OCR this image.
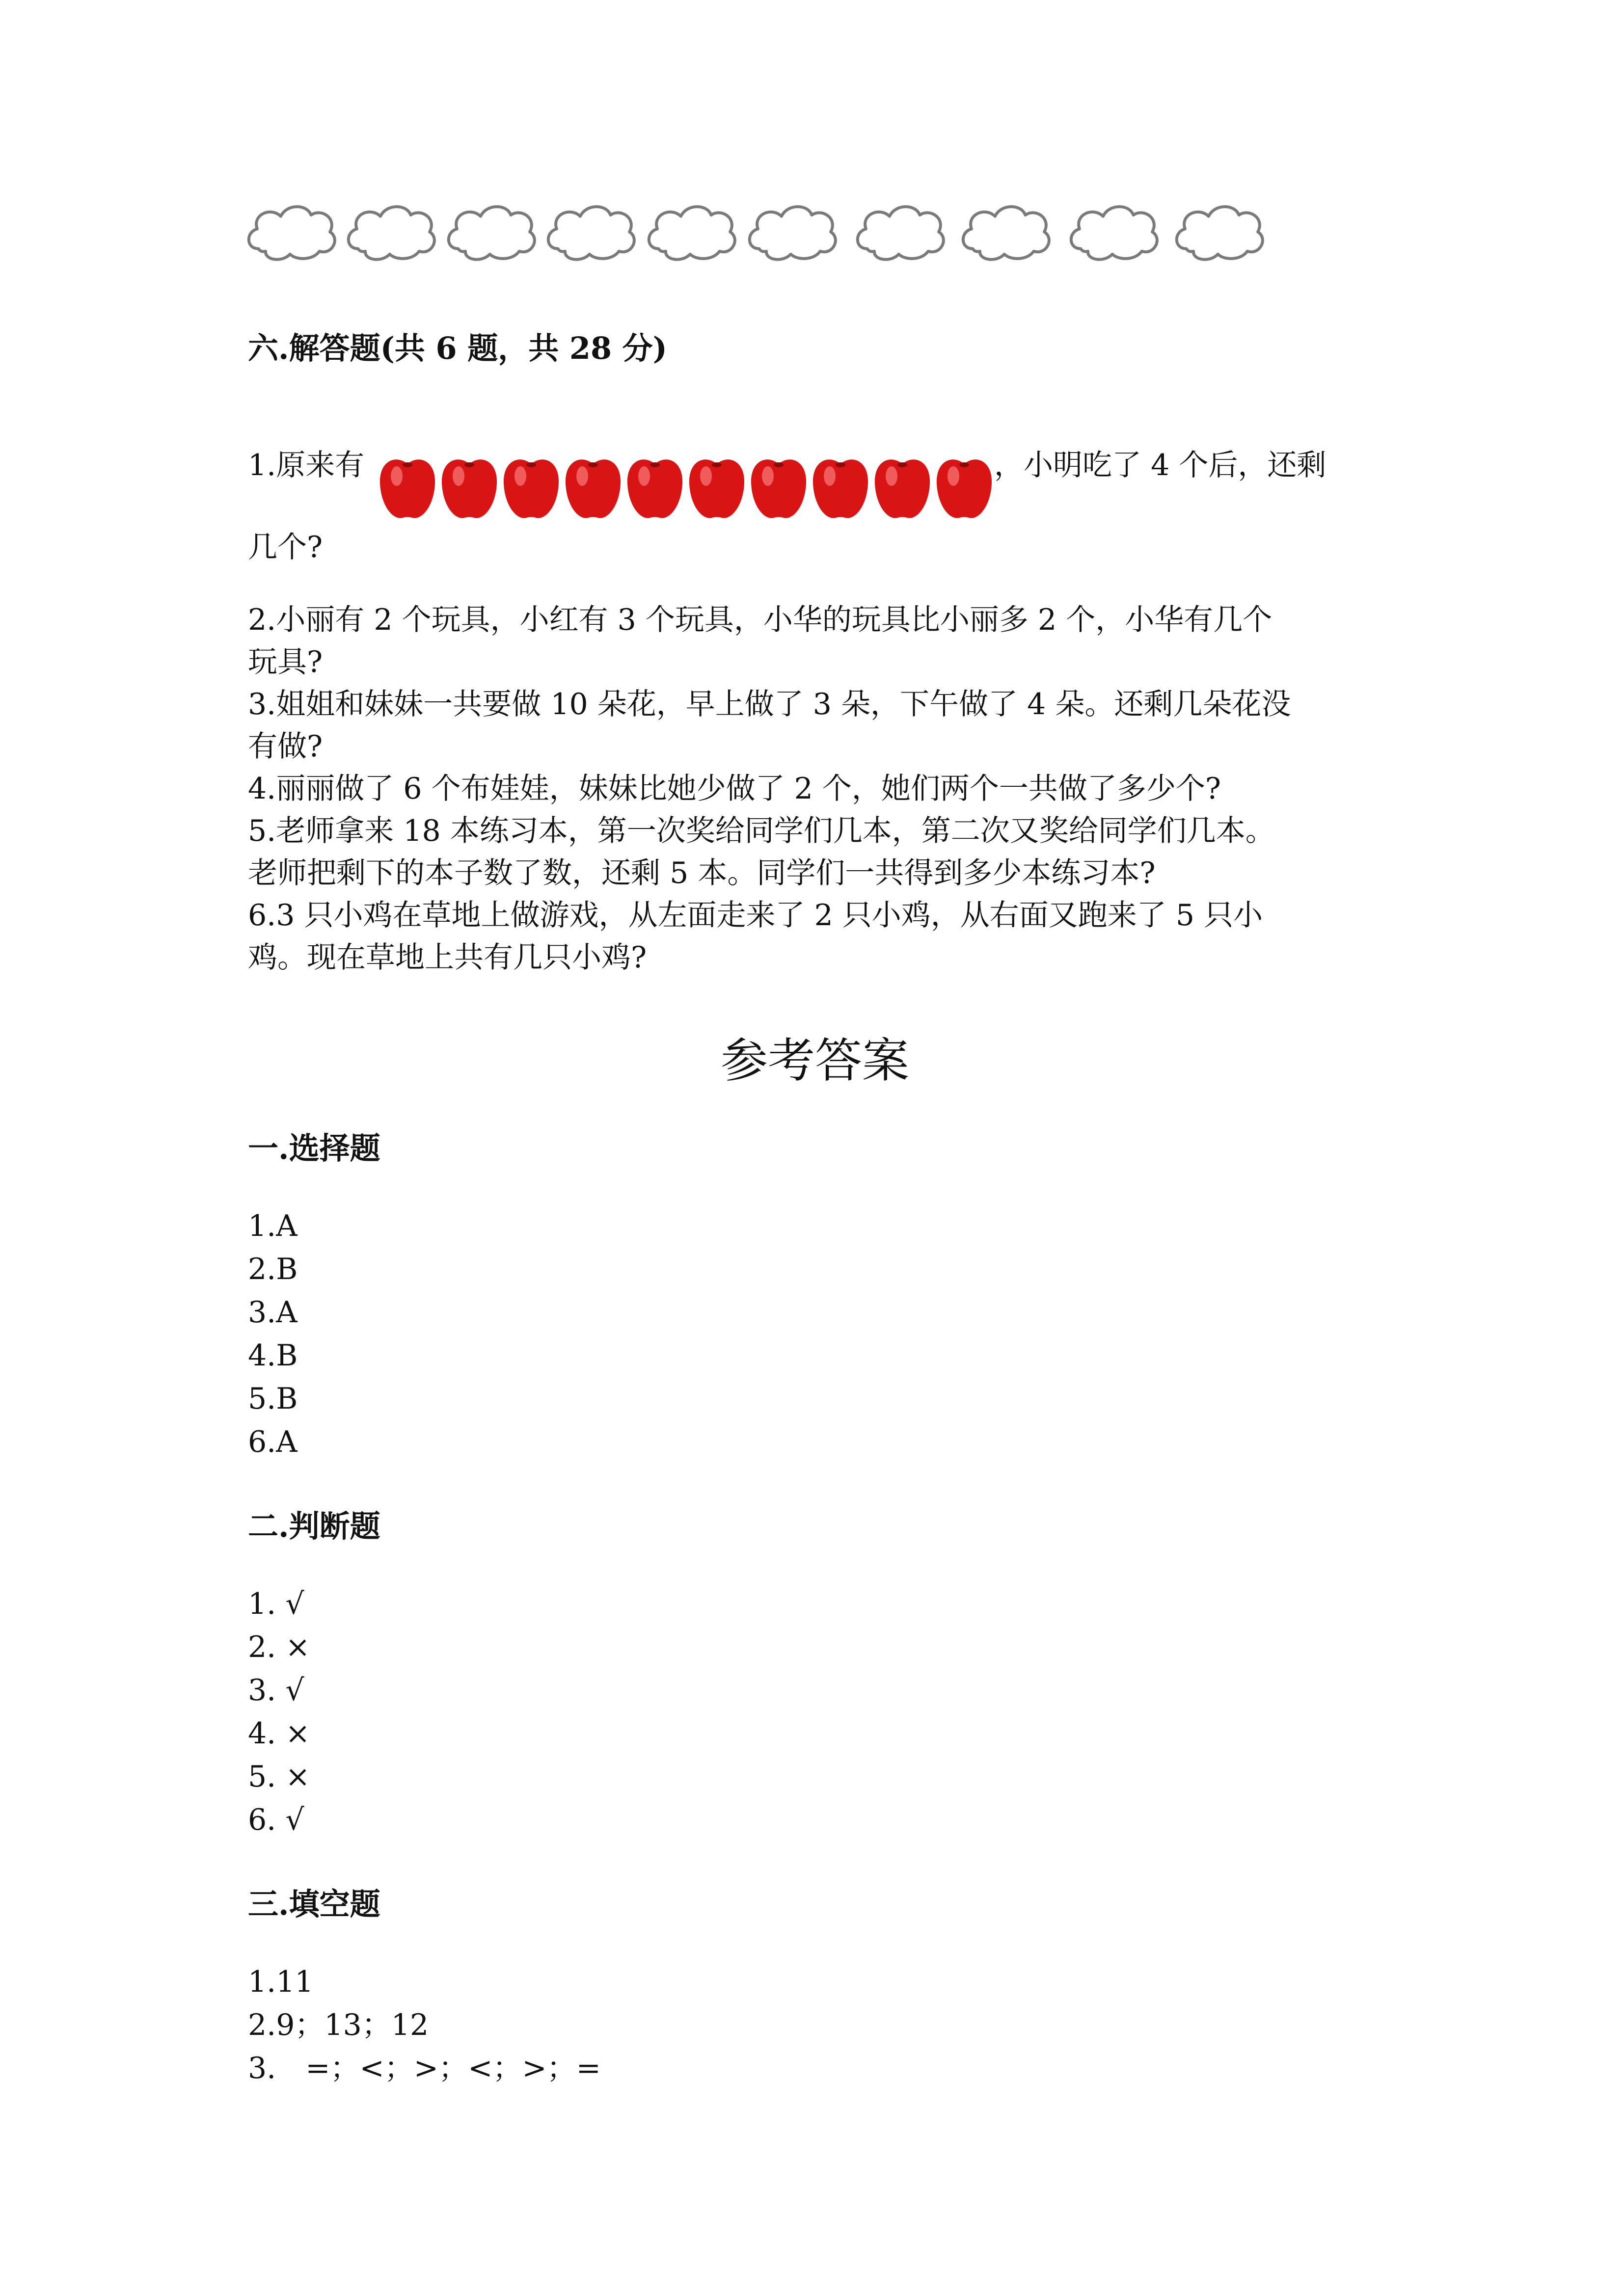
六.解答题(共 6 题，共 28 分)
1.原来有	，小明吃了 4 个后，还剩
几个?
2.小丽有 2 个玩具，小红有 3 个玩具，小华的玩具比小丽多 2 个，小华有几个
玩具?
3.姐姐和妹妹一共要做 10 朵花，早上做了 3 朵，下午做了 4 朵。还剩几朵花没
有做?
4.丽丽做了 6 个布娃娃，妹妹比她少做了 2 个，她们两个一共做了多少个?
5.老师拿来 18 本练习本，第一次奖给同学们几本，第二次又奖给同学们几本。
老师把剩下的本子数了数，还剩 5 本。同学们一共得到多少本练习本?
6.3 只小鸡在草地上做游戏，从左面走来了 2 只小鸡，从右面又跑来了 5 只小
鸡。现在草地上共有几只小鸡?
参考答案
一.选择题
1.A
2.B
3.A
4.B
5.B
6.A
二.判断题
1. √
2. ×
3. √
4. ×
5. ×
6. √
三.填空题
1.11
2.9；13；12
3.　=；<；>；<；>；=
